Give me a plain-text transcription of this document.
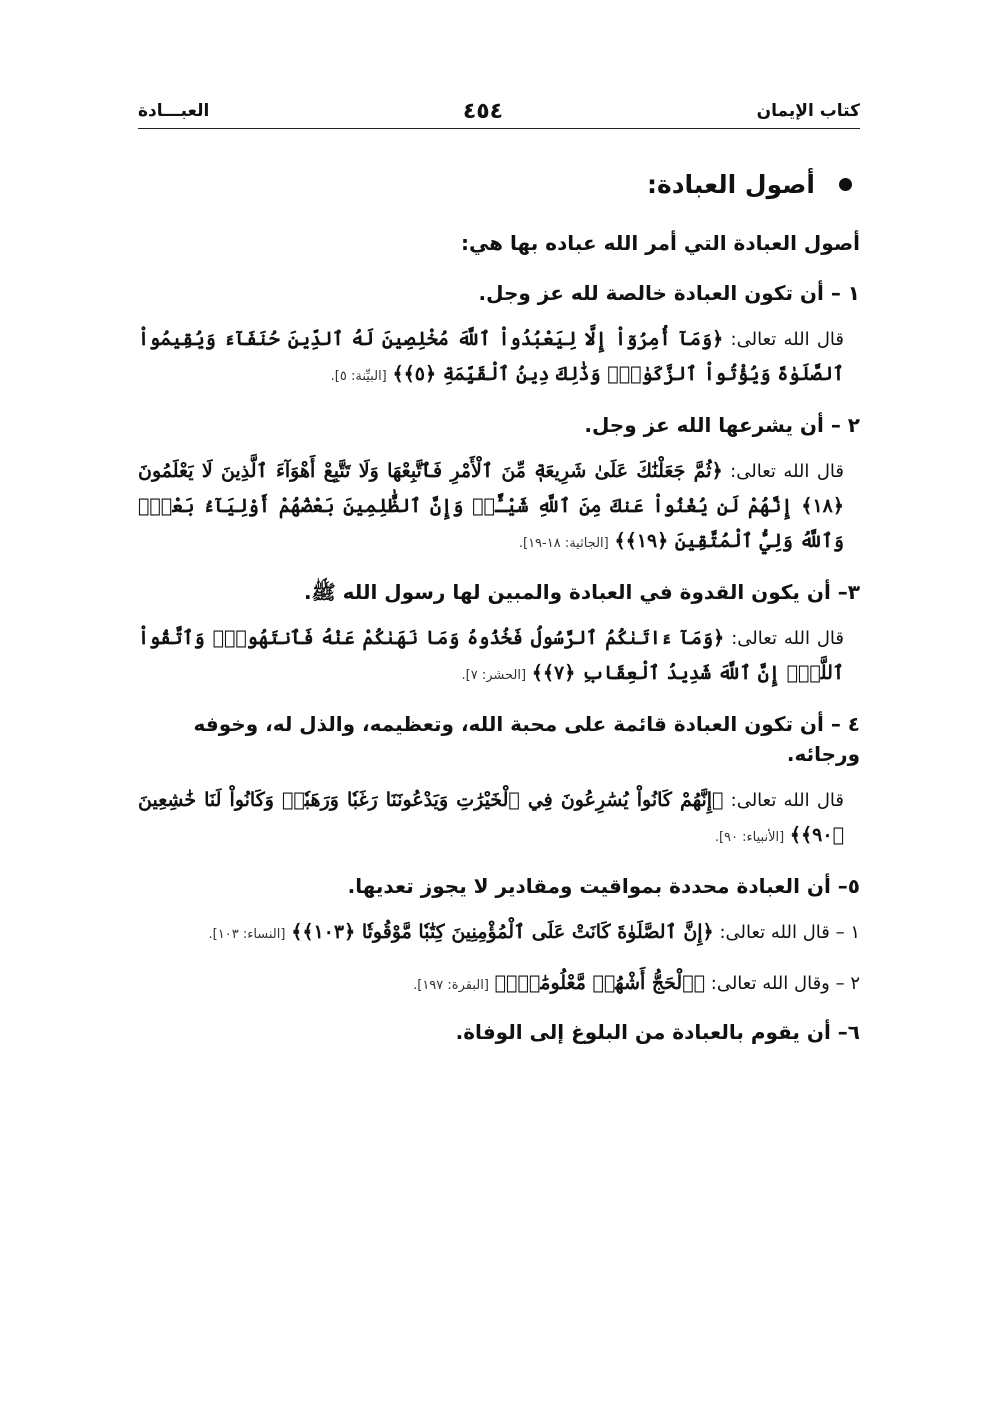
كتاب الإيمان
٤٥٤
العبـــادة
أصول العبادة:
أصول العبادة التي أمر الله عباده بها هي:
١ – أن تكون العبادة خالصة لله عز وجل.
قال الله تعالى: ﴿وَمَآ أُمِرُوٓاْ إِلَّا لِيَعْبُدُواْ ٱللَّهَ مُخْلِصِينَ لَهُ ٱلدِّينَ حُنَفَآءَ وَيُقِيمُواْ ٱلصَّلَوٰةَ وَيُؤْتُواْ ٱلزَّكَوٰةَۚ وَذَٰلِكَ دِينُ ٱلْقَيِّمَةِ ﴿٥﴾﴾ [البيِّنة: ٥].
٢ – أن يشرعها الله عز وجل.
قال الله تعالى: ﴿ثُمَّ جَعَلْنَٰكَ عَلَىٰ شَرِيعَةٖ مِّنَ ٱلْأَمْرِ فَٱتَّبِعْهَا وَلَا تَتَّبِعْ أَهْوَآءَ ٱلَّذِينَ لَا يَعْلَمُونَ ﴿١٨﴾ إِنَّهُمْ لَن يُغْنُواْ عَنكَ مِنَ ٱللَّهِ شَيْـًٔاۚ وَإِنَّ ٱلظَّٰلِمِينَ بَعْضُهُمْ أَوْلِيَآءُ بَعْضٖۖ وَٱللَّهُ وَلِيُّ ٱلْمُتَّقِينَ ﴿١٩﴾﴾ [الجاثية: ١٨-١٩].
٣– أن يكون القدوة في العبادة والمبين لها رسول الله ﷺ.
قال الله تعالى: ﴿وَمَآ ءَاتَىٰكُمُ ٱلرَّسُولُ فَخُذُوهُ وَمَا نَهَىٰكُمْ عَنْهُ فَٱنتَهُواْۚ وَٱتَّقُواْ ٱللَّهَۖ إِنَّ ٱللَّهَ شَدِيدُ ٱلْعِقَابِ ﴿٧﴾﴾ [الحشر: ٧].
٤ – أن تكون العبادة قائمة على محبة الله، وتعظيمه، والذل له، وخوفه ورجائه.
قال الله تعالى: ﴿إِنَّهُمْ كَانُواْ يُسَٰرِعُونَ فِي ٱلْخَيْرَٰتِ وَيَدْعُونَنَا رَغَبٗا وَرَهَبٗاۖ وَكَانُواْ لَنَا خَٰشِعِينَ ﴿٩٠﴾﴾ [الأنبياء: ٩٠].
٥– أن العبادة محددة بمواقيت ومقادير لا يجوز تعديها.
١ – قال الله تعالى: ﴿إِنَّ ٱلصَّلَوٰةَ كَانَتْ عَلَى ٱلْمُؤْمِنِينَ كِتَٰبٗا مَّوْقُوتٗا ﴿١٠٣﴾﴾ [النساء: ١٠٣].
٢ – وقال الله تعالى: ﴿ٱلْحَجُّ أَشْهُرٞ مَّعْلُومَٰتٞۚ﴾ [البقرة: ١٩٧].
٦– أن يقوم بالعبادة من البلوغ إلى الوفاة.
